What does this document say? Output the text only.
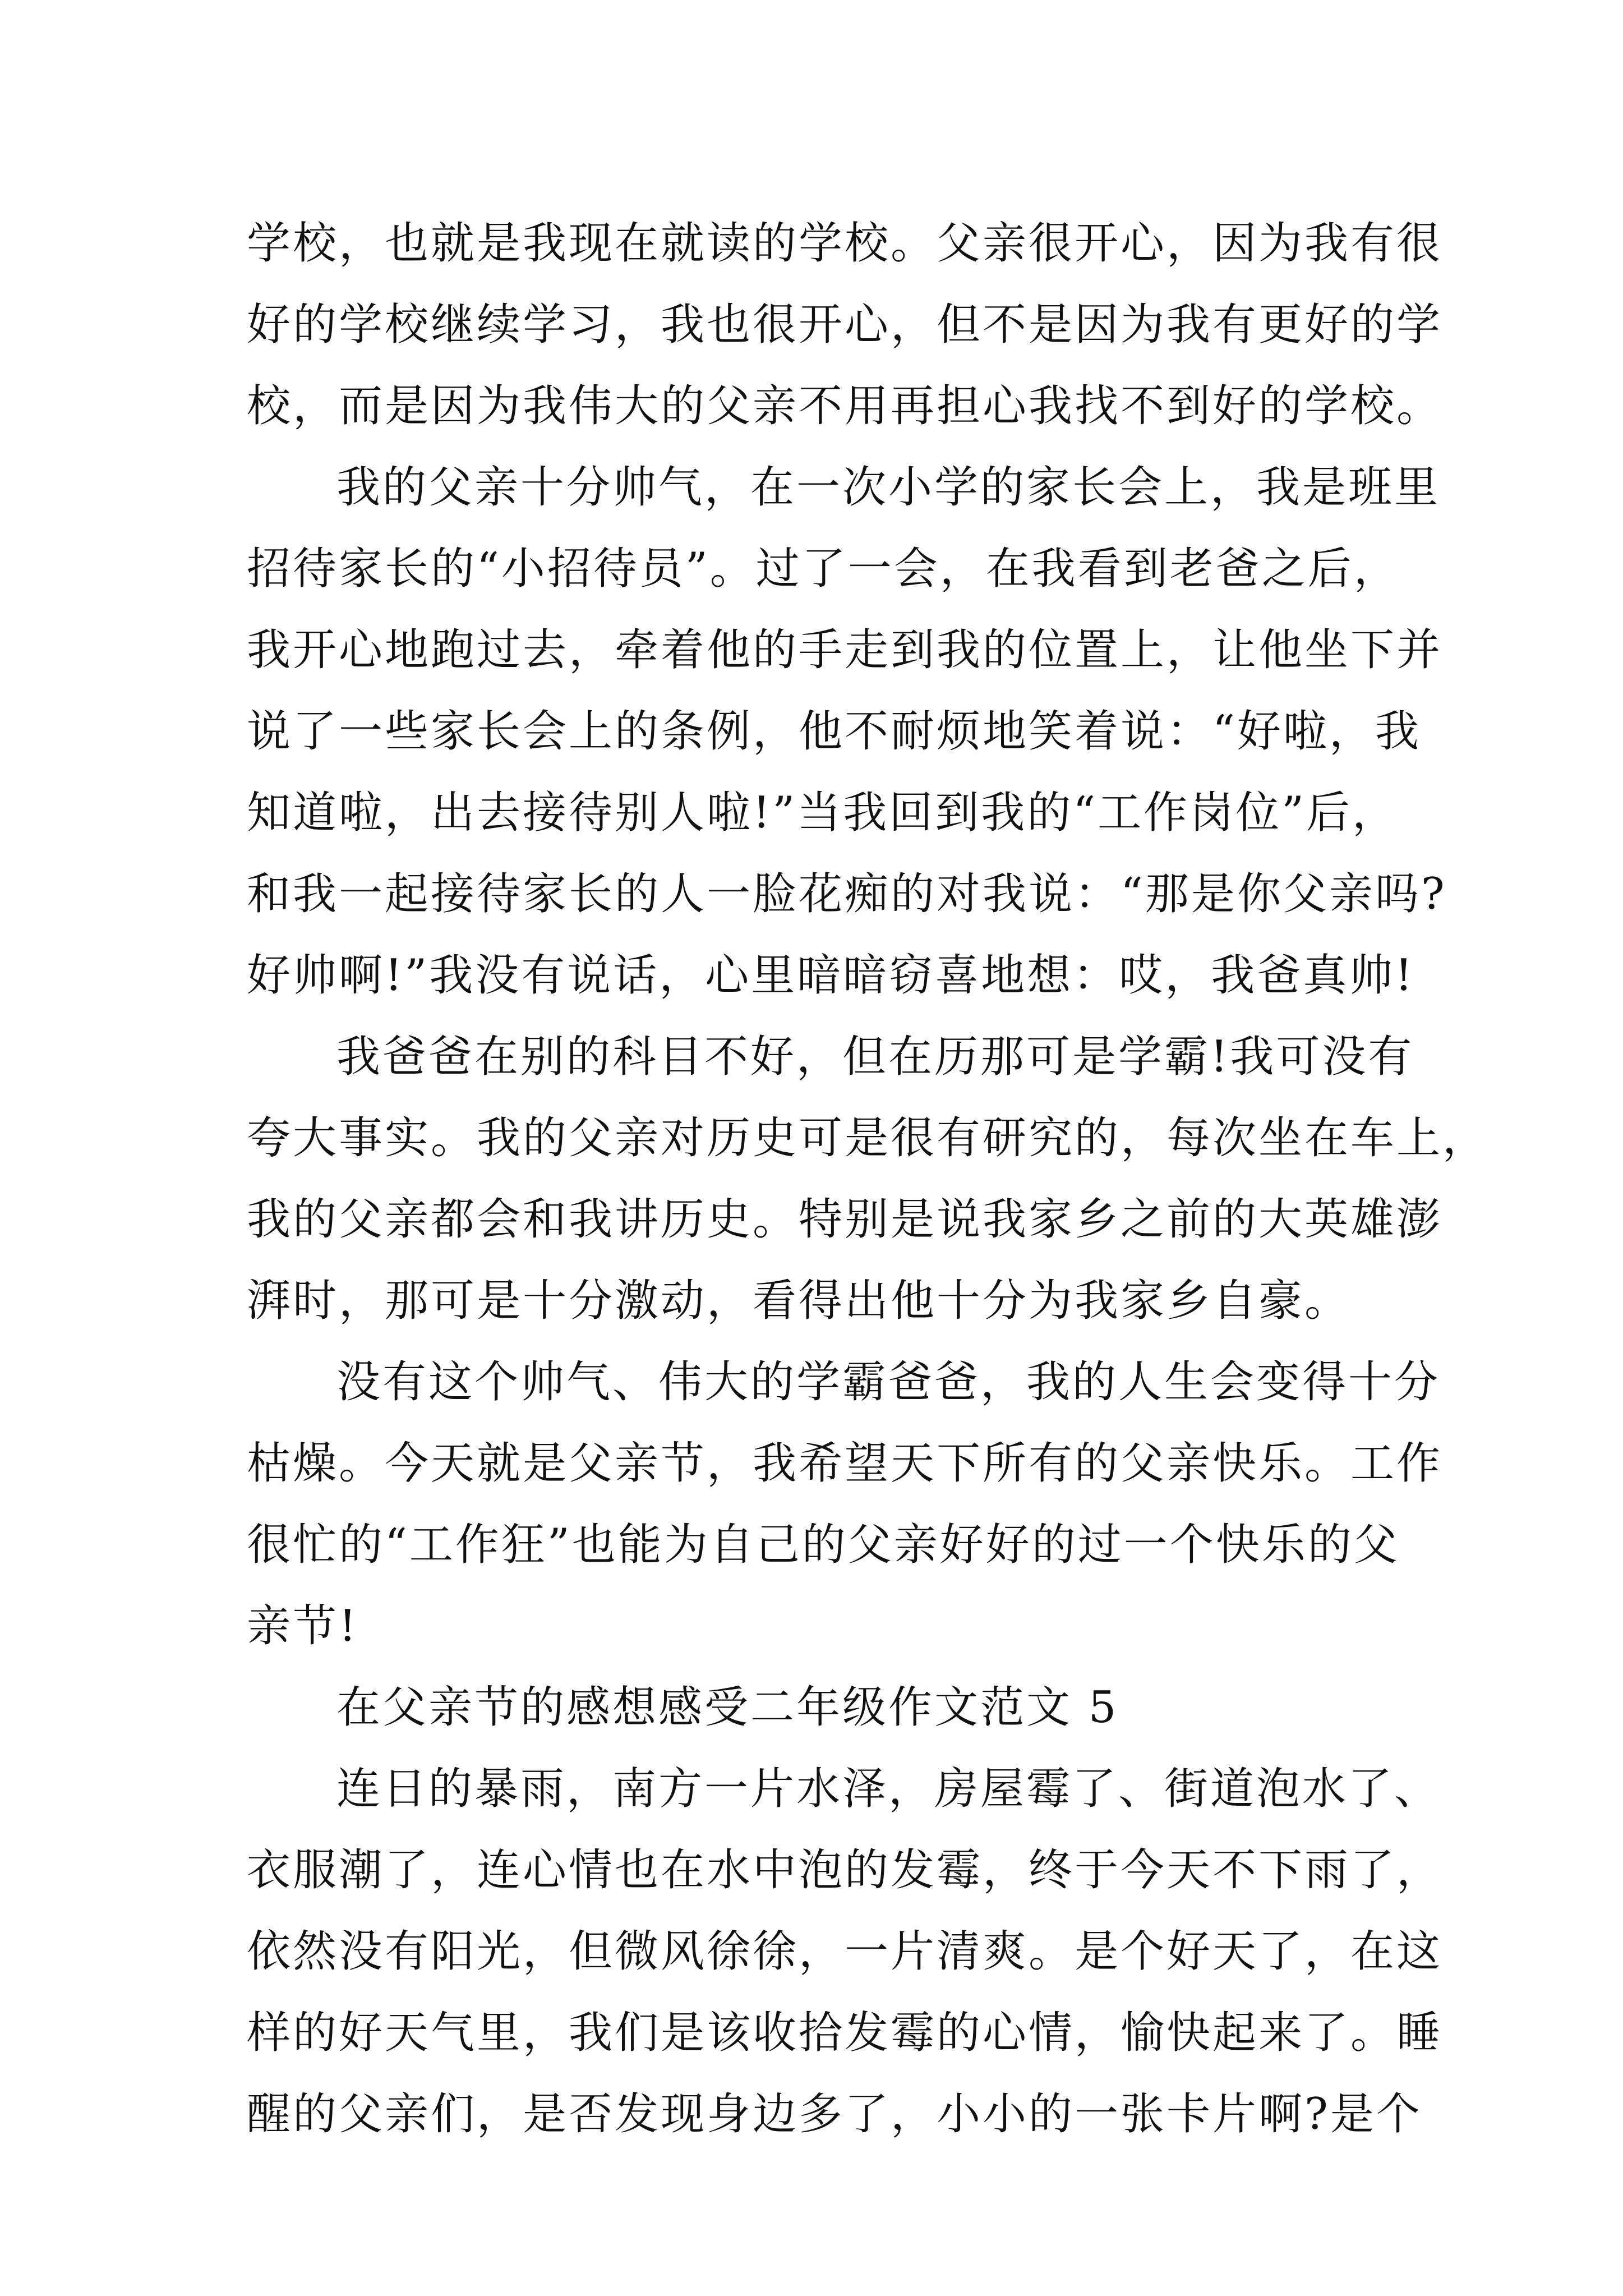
学校，也就是我现在就读的学校。父亲很开心，因为我有很
好的学校继续学习，我也很开心，但不是因为我有更好的学
校，而是因为我伟大的父亲不用再担心我找不到好的学校。
我的父亲十分帅气，在一次小学的家长会上，我是班里
招待家长的“小招待员”。过了一会，在我看到老爸之后，
我开心地跑过去，牵着他的手走到我的位置上，让他坐下并
说了一些家长会上的条例，他不耐烦地笑着说：“好啦，我
知道啦，出去接待别人啦!”当我回到我的“工作岗位”后，
和我一起接待家长的人一脸花痴的对我说：“那是你父亲吗?
好帅啊!”我没有说话，心里暗暗窃喜地想：哎，我爸真帅!
我爸爸在别的科目不好，但在历那可是学霸!我可没有
夸大事实。我的父亲对历史可是很有研究的，每次坐在车上，
我的父亲都会和我讲历史。特别是说我家乡之前的大英雄澎
湃时，那可是十分激动，看得出他十分为我家乡自豪。
没有这个帅气、伟大的学霸爸爸，我的人生会变得十分
枯燥。今天就是父亲节，我希望天下所有的父亲快乐。工作
很忙的“工作狂”也能为自己的父亲好好的过一个快乐的父
亲节!
在父亲节的感想感受二年级作文范文 5
连日的暴雨，南方一片水泽，房屋霉了、街道泡水了、
衣服潮了，连心情也在水中泡的发霉，终于今天不下雨了，
依然没有阳光，但微风徐徐，一片清爽。是个好天了，在这
样的好天气里，我们是该收拾发霉的心情，愉快起来了。睡
醒的父亲们，是否发现身边多了，小小的一张卡片啊?是个
